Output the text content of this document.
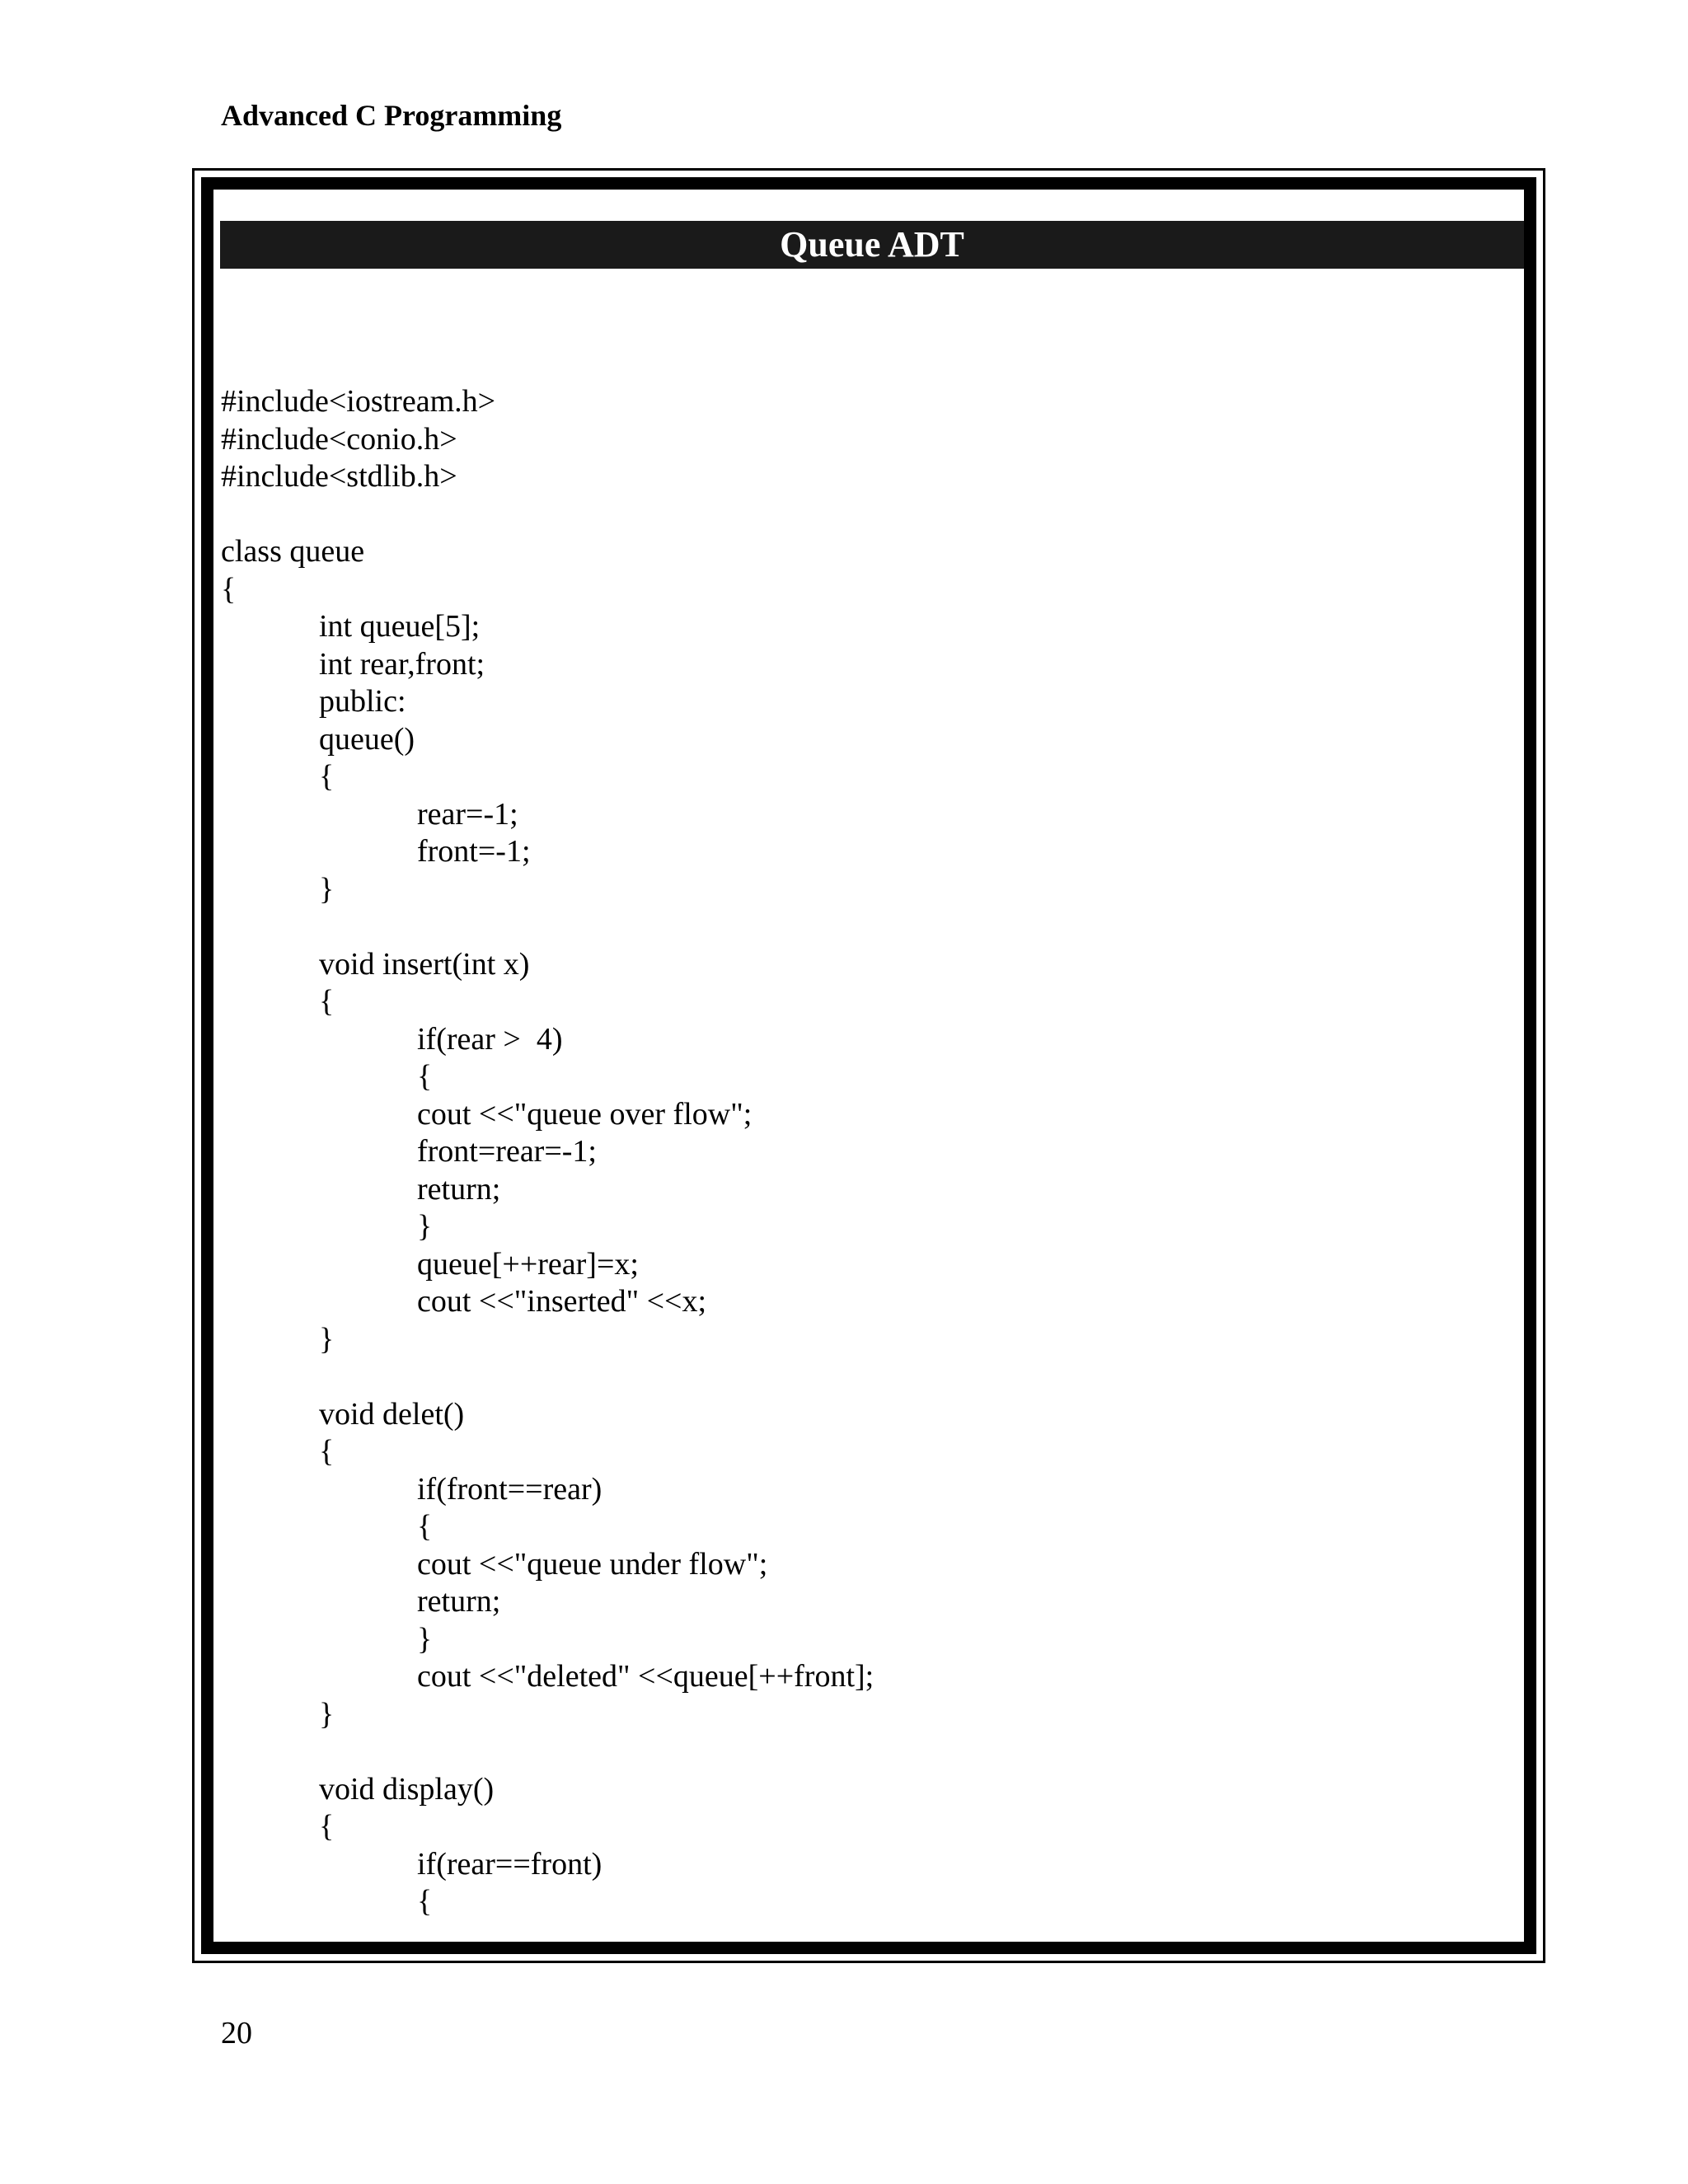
Advanced C Programming
Queue ADT
#include<iostream.h>
#include<conio.h>
#include<stdlib.h>
class queue
{
int queue[5];
int rear,front;
public:
queue()
{
rear=-1;
front=-1;
}
void insert(int x)
{
if(rear >  4)
{
cout <<"queue over flow";
front=rear=-1;
return;
}
queue[++rear]=x;
cout <<"inserted" <<x;
}
void delet()
{
if(front==rear)
{
cout <<"queue under flow";
return;
}
cout <<"deleted" <<queue[++front];
}
void display()
{
if(rear==front)
{
20
